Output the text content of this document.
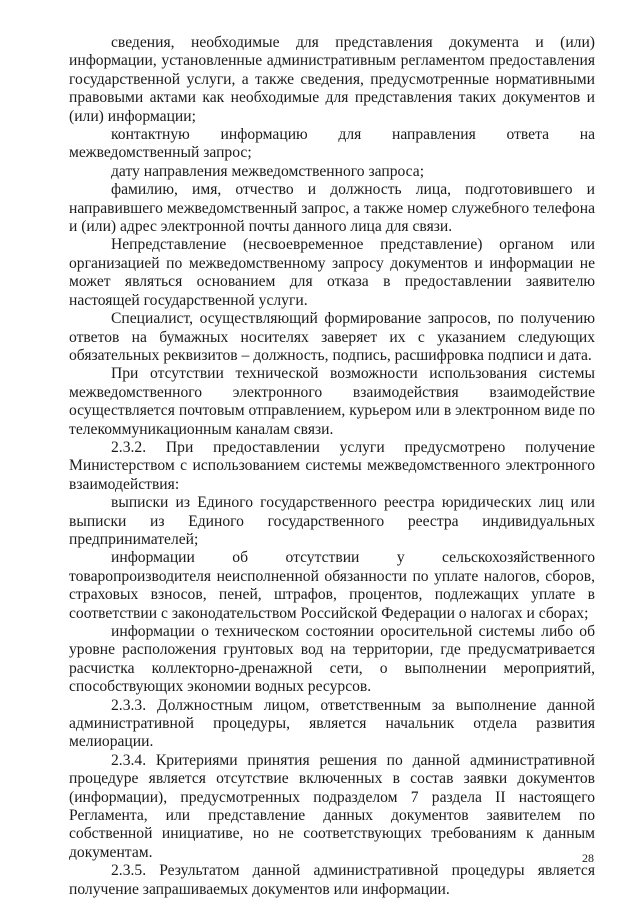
сведения, необходимые для представления документа и (или) информации, установленные административным регламентом предоставления государственной услуги, а также сведения, предусмотренные нормативными правовыми актами как необходимые для представления таких документов и (или) информации;

контактную информацию для направления ответа на межведомственный запрос;

дату направления межведомственного запроса;

фамилию, имя, отчество и должность лица, подготовившего и направившего межведомственный запрос, а также номер служебного телефона и (или) адрес электронной почты данного лица для связи.

Непредставление (несвоевременное представление) органом или организацией по межведомственному запросу документов и информации не может являться основанием для отказа в предоставлении заявителю настоящей государственной услуги.

Специалист, осуществляющий формирование запросов, по получению ответов на бумажных носителях заверяет их с указанием следующих обязательных реквизитов – должность, подпись, расшифровка подписи и дата.

При отсутствии технической возможности использования системы межведомственного электронного взаимодействия взаимодействие осуществляется почтовым отправлением, курьером или в электронном виде по телекоммуникационным каналам связи.

2.3.2. При предоставлении услуги предусмотрено получение Министерством с использованием системы межведомственного электронного взаимодействия:

выписки из Единого государственного реестра юридических лиц или выписки из Единого государственного реестра индивидуальных предпринимателей;

информации об отсутствии у сельскохозяйственного товаропроизводителя неисполненной обязанности по уплате налогов, сборов, страховых взносов, пеней, штрафов, процентов, подлежащих уплате в соответствии с законодательством Российской Федерации о налогах и сборах;

информации о техническом состоянии оросительной системы либо об уровне расположения грунтовых вод на территории, где предусматривается расчистка коллекторно-дренажной сети, о выполнении мероприятий, способствующих экономии водных ресурсов.

2.3.3. Должностным лицом, ответственным за выполнение данной административной процедуры, является начальник отдела развития мелиорации.

2.3.4. Критериями принятия решения по данной административной процедуре является отсутствие включенных в состав заявки документов (информации), предусмотренных подразделом 7 раздела II настоящего Регламента, или представление данных документов заявителем по собственной инициативе, но не соответствующих требованиям к данным документам.

2.3.5. Результатом данной административной процедуры является получение запрашиваемых документов или информации.

28
